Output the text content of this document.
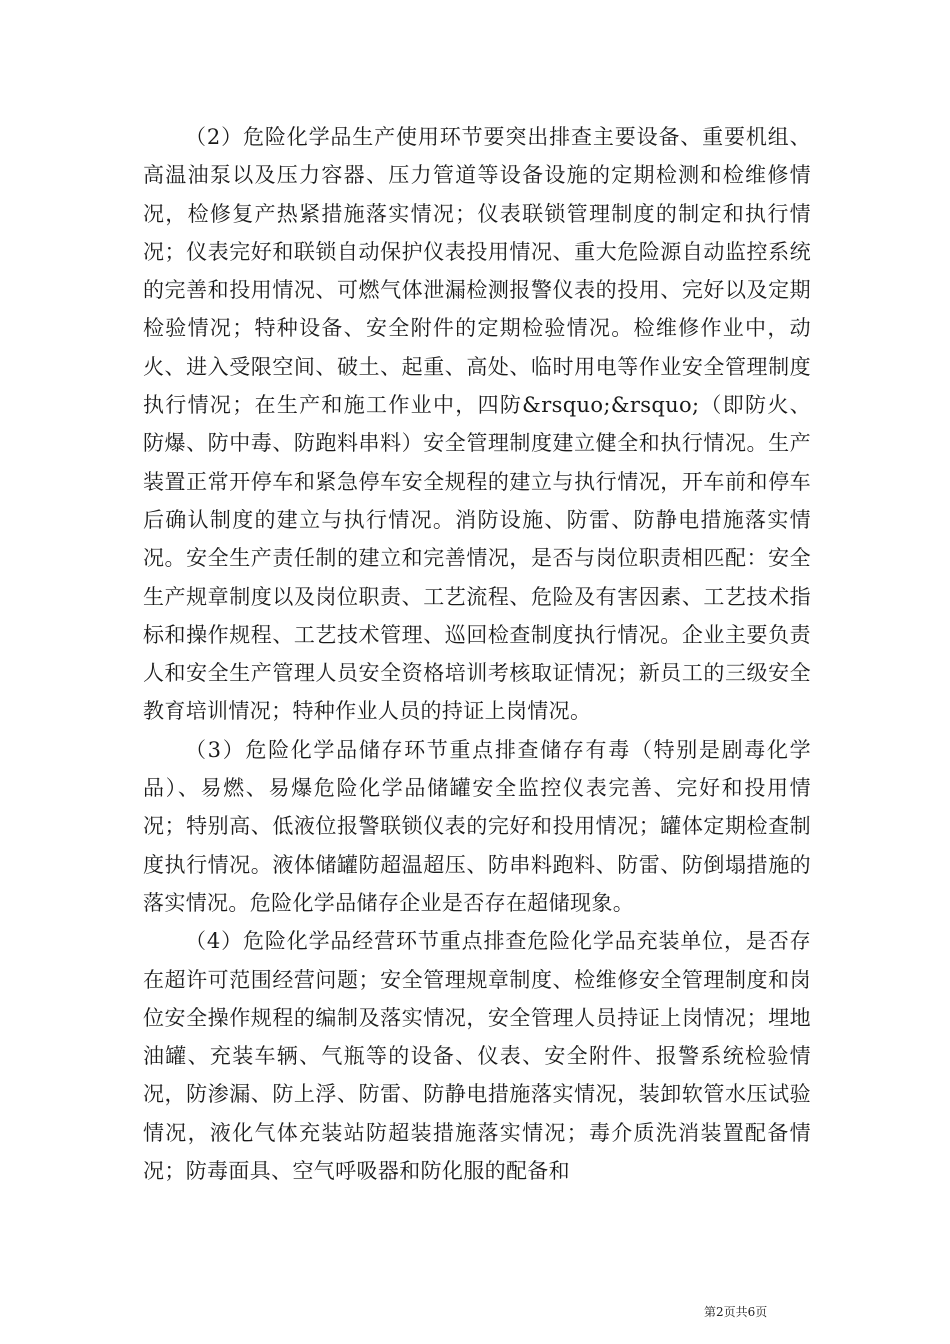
（2）危险化学品生产使用环节要突出排查主要设备、重要机组、高温油泵以及压力容器、压力管道等设备设施的定期检测和检维修情况，检修复产热紧措施落实情况；仪表联锁管理制度的制定和执行情况；仪表完好和联锁自动保护仪表投用情况、重大危险源自动监控系统的完善和投用情况、可燃气体泄漏检测报警仪表的投用、完好以及定期检验情况；特种设备、安全附件的定期检验情况。检维修作业中，动火、进入受限空间、破土、起重、高处、临时用电等作业安全管理制度执行情况；在生产和施工作业中，四防&rsquo;&rsquo;（即防火、防爆、防中毒、防跑料串料）安全管理制度建立健全和执行情况。生产装置正常开停车和紧急停车安全规程的建立与执行情况，开车前和停车后确认制度的建立与执行情况。消防设施、防雷、防静电措施落实情况。安全生产责任制的建立和完善情况，是否与岗位职责相匹配：安全生产规章制度以及岗位职责、工艺流程、危险及有害因素、工艺技术指标和操作规程、工艺技术管理、巡回检查制度执行情况。企业主要负责人和安全生产管理人员安全资格培训考核取证情况；新员工的三级安全教育培训情况；特种作业人员的持证上岗情况。

（3）危险化学品储存环节重点排查储存有毒（特别是剧毒化学品）、易燃、易爆危险化学品储罐安全监控仪表完善、完好和投用情况；特别高、低液位报警联锁仪表的完好和投用情况；罐体定期检查制度执行情况。液体储罐防超温超压、防串料跑料、防雷、防倒塌措施的落实情况。危险化学品储存企业是否存在超储现象。

（4）危险化学品经营环节重点排查危险化学品充装单位，是否存在超许可范围经营问题；安全管理规章制度、检维修安全管理制度和岗位安全操作规程的编制及落实情况，安全管理人员持证上岗情况；埋地油罐、充装车辆、气瓶等的设备、仪表、安全附件、报警系统检验情况，防渗漏、防上浮、防雷、防静电措施落实情况，装卸软管水压试验情况，液化气体充装站防超装措施落实情况；毒介质洗消装置配备情况；防毒面具、空气呼吸器和防化服的配备和

第2页共6页
